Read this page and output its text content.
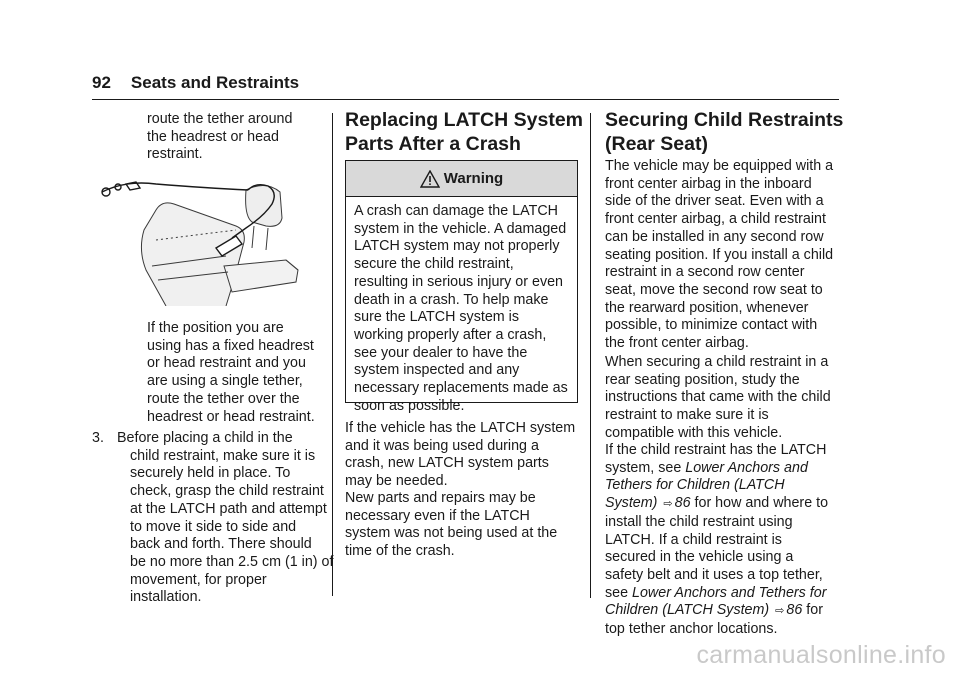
92 Seats and Restraints
route the tether around
the headrest or head
restraint.
If the position you are
using has a fixed headrest
or head restraint and you
are using a single tether,
route the tether over the
headrest or head restraint.
3. Before placing a child in the
child restraint, make sure it is
securely held in place. To
check, grasp the child restraint
at the LATCH path and attempt
to move it side to side and
back and forth. There should
be no more than 2.5 cm (1 in) of
movement, for proper
installation.
Replacing LATCH System
Parts After a Crash
Warning
A crash can damage the LATCH
system in the vehicle. A damaged
LATCH system may not properly
secure the child restraint,
resulting in serious injury or even
death in a crash. To help make
sure the LATCH system is
working properly after a crash,
see your dealer to have the
system inspected and any
necessary replacements made as
soon as possible.
If the vehicle has the LATCH system
and it was being used during a
crash, new LATCH system parts
may be needed.
New parts and repairs may be
necessary even if the LATCH
system was not being used at the
time of the crash.
Securing Child Restraints
(Rear Seat)
The vehicle may be equipped with a
front center airbag in the inboard
side of the driver seat. Even with a
front center airbag, a child restraint
can be installed in any second row
seating position. If you install a child
restraint in a second row center
seat, move the second row seat to
the rearward position, whenever
possible, to minimize contact with
the front center airbag.
When securing a child restraint in a
rear seating position, study the
instructions that came with the child
restraint to make sure it is
compatible with this vehicle.
If the child restraint has the LATCH
system, see Lower Anchors and
Tethers for Children (LATCH
System) ⇨ 86 for how and where to
install the child restraint using
LATCH. If a child restraint is
secured in the vehicle using a
safety belt and it uses a top tether,
see Lower Anchors and Tethers for
Children (LATCH System) ⇨ 86 for
top tether anchor locations.
carmanualsonline.info
